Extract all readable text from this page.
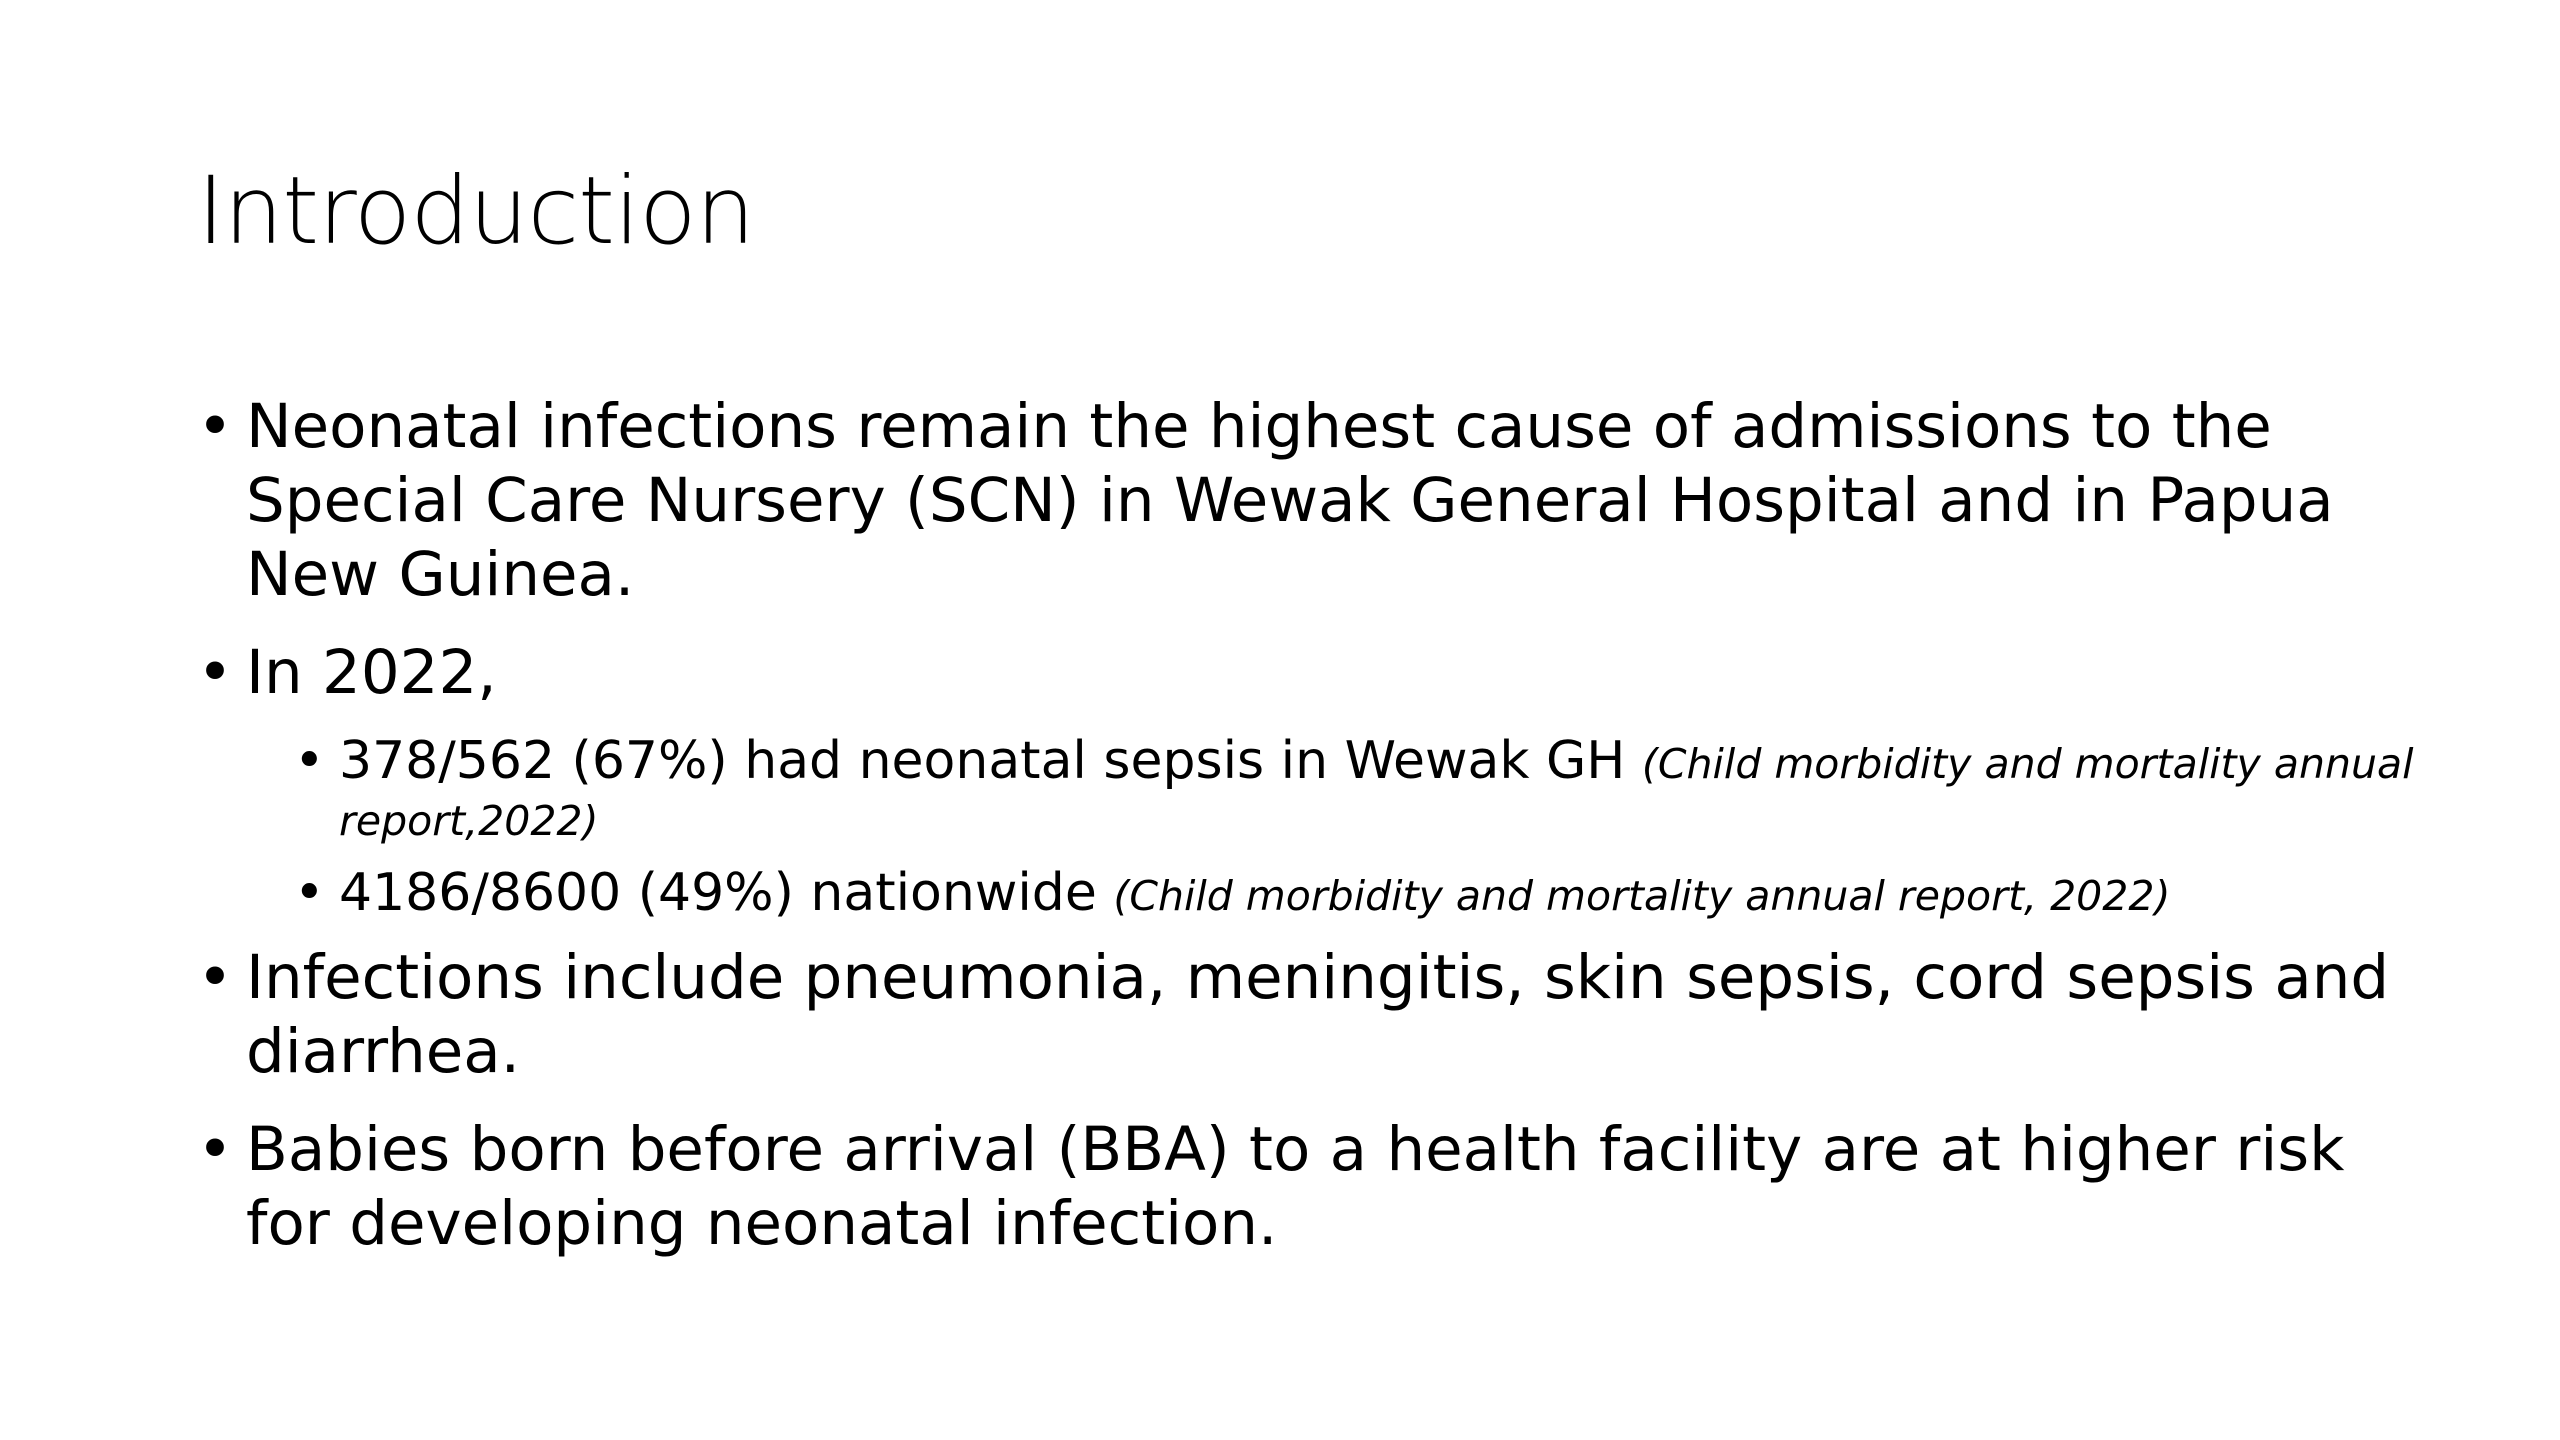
Introduction
• Neonatal infections remain the highest cause of admissions to the Special Care Nursery (SCN) in Wewak General Hospital and in Papua New Guinea.
• In 2022,
• 378/562 (67%) had neonatal sepsis in Wewak GH (Child morbidity and mortality annual report,2022)
• 4186/8600 (49%) nationwide (Child morbidity and mortality annual report, 2022)
• Infections include pneumonia, meningitis, skin sepsis, cord sepsis and diarrhea.
• Babies born before arrival (BBA) to a health facility are at higher risk for developing neonatal infection.
